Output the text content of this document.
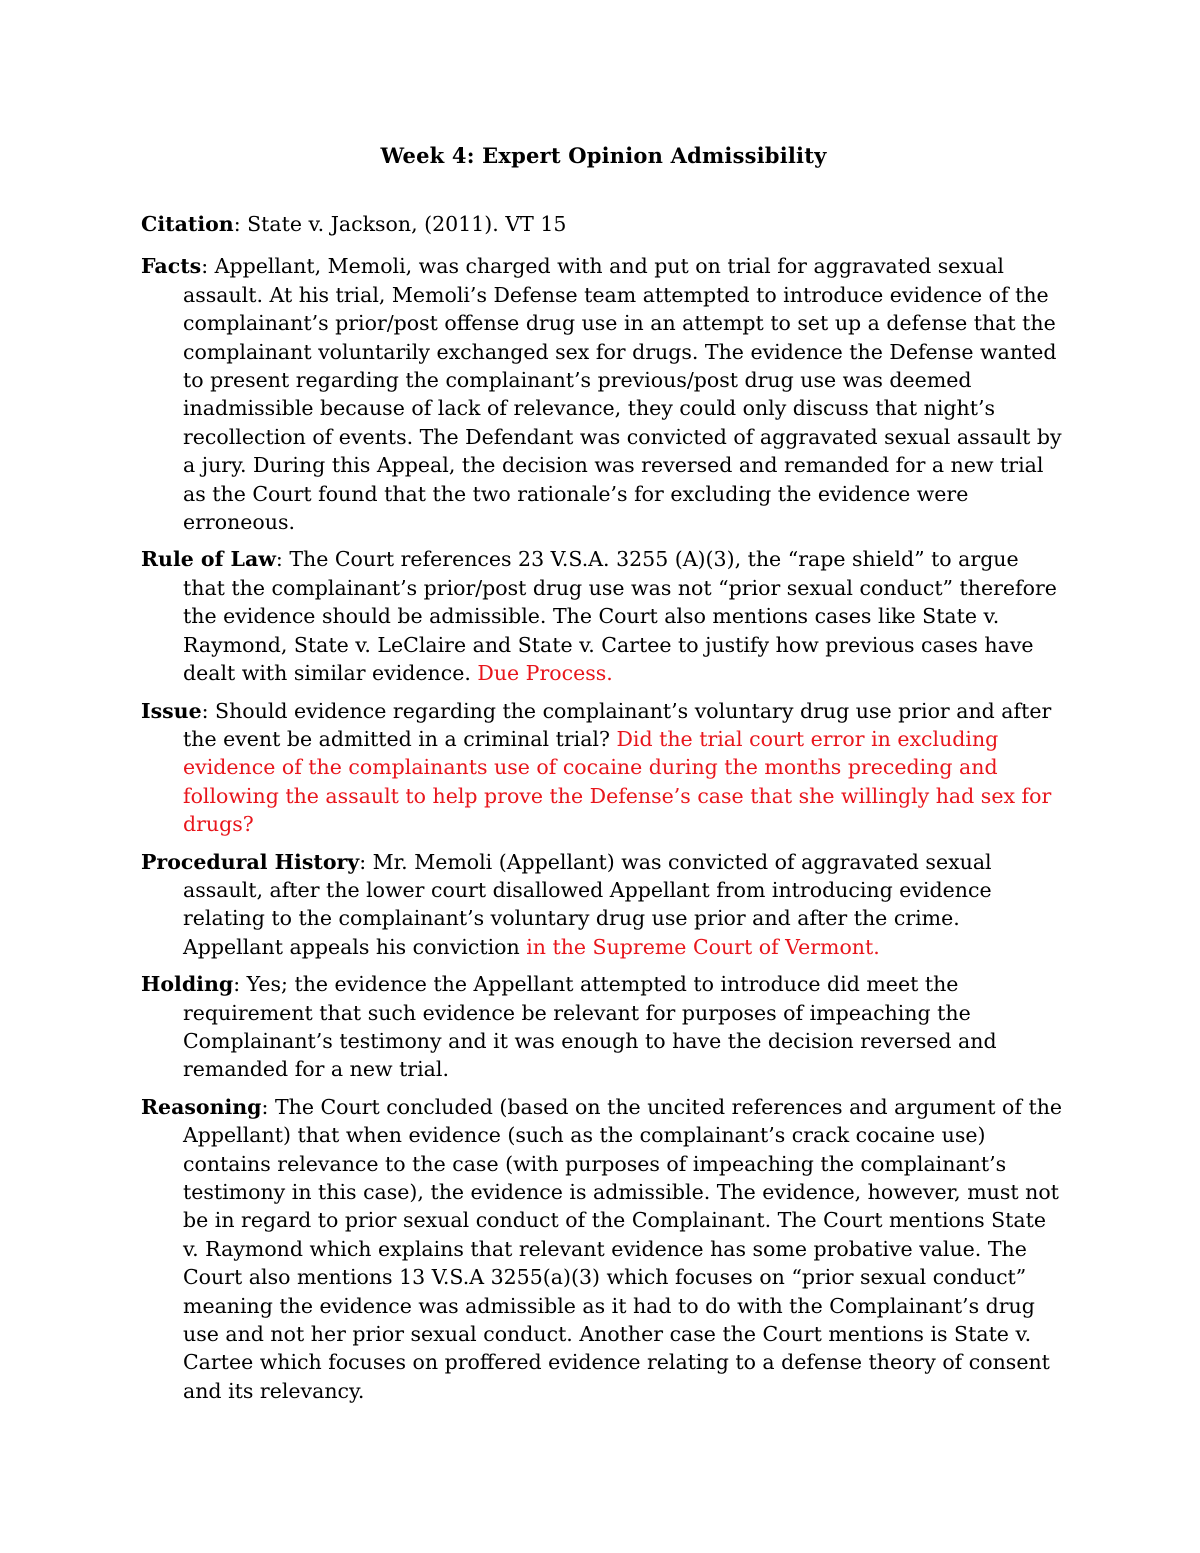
Week 4: Expert Opinion Admissibility

Citation: State v. Jackson, (2011). VT 15

Facts: Appellant, Memoli, was charged with and put on trial for aggravated sexual assault. At his trial, Memoli’s Defense team attempted to introduce evidence of the complainant’s prior/post offense drug use in an attempt to set up a defense that the complainant voluntarily exchanged sex for drugs. The evidence the Defense wanted to present regarding the complainant’s previous/post drug use was deemed inadmissible because of lack of relevance, they could only discuss that night’s recollection of events. The Defendant was convicted of aggravated sexual assault by a jury. During this Appeal, the decision was reversed and remanded for a new trial as the Court found that the two rationale’s for excluding the evidence were erroneous.

Rule of Law: The Court references 23 V.S.A. 3255 (A)(3), the “rape shield” to argue that the complainant’s prior/post drug use was not “prior sexual conduct” therefore the evidence should be admissible. The Court also mentions cases like State v. Raymond, State v. LeClaire and State v. Cartee to justify how previous cases have dealt with similar evidence. Due Process.

Issue: Should evidence regarding the complainant’s voluntary drug use prior and after the event be admitted in a criminal trial? Did the trial court error in excluding evidence of the complainants use of cocaine during the months preceding and following the assault to help prove the Defense’s case that she willingly had sex for drugs?

Procedural History: Mr. Memoli (Appellant) was convicted of aggravated sexual assault, after the lower court disallowed Appellant from introducing evidence relating to the complainant’s voluntary drug use prior and after the crime. Appellant appeals his conviction in the Supreme Court of Vermont.

Holding: Yes; the evidence the Appellant attempted to introduce did meet the requirement that such evidence be relevant for purposes of impeaching the Complainant’s testimony and it was enough to have the decision reversed and remanded for a new trial.

Reasoning: The Court concluded (based on the uncited references and argument of the Appellant) that when evidence (such as the complainant’s crack cocaine use) contains relevance to the case (with purposes of impeaching the complainant’s testimony in this case), the evidence is admissible. The evidence, however, must not be in regard to prior sexual conduct of the Complainant. The Court mentions State v. Raymond which explains that relevant evidence has some probative value. The Court also mentions 13 V.S.A 3255(a)(3) which focuses on “prior sexual conduct” meaning the evidence was admissible as it had to do with the Complainant’s drug use and not her prior sexual conduct. Another case the Court mentions is State v. Cartee which focuses on proffered evidence relating to a defense theory of consent and its relevancy.
